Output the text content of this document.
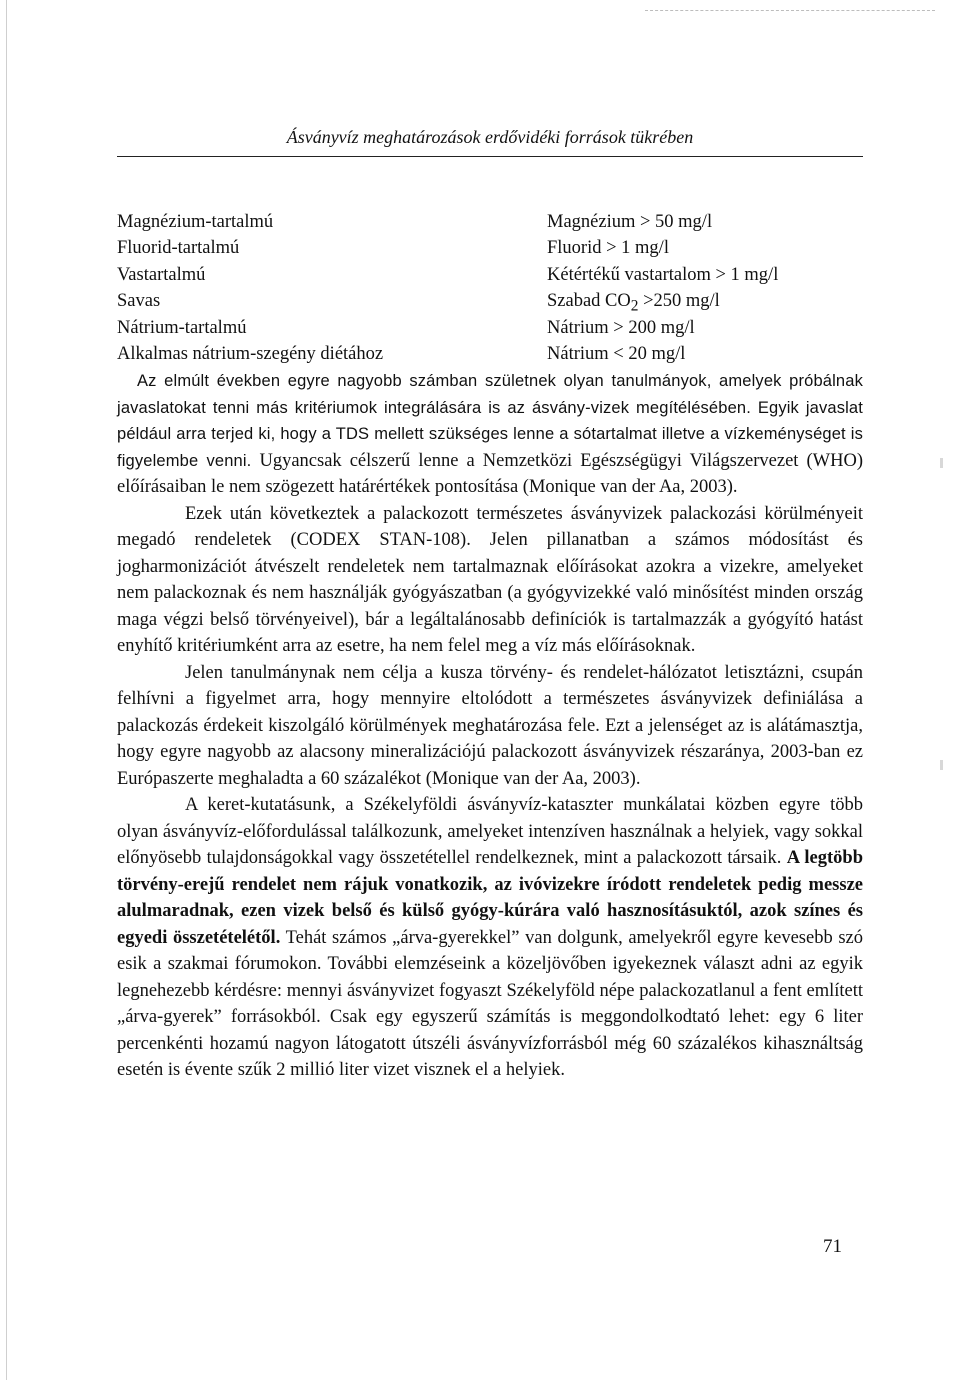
Ásványvíz meghatározások erdővidéki források tükrében
Magnézium-tartalmú	Magnézium > 50 mg/l
Fluorid-tartalmú	Fluorid > 1 mg/l
Vastartalmú	Kétértékű vastartalom > 1 mg/l
Savas	Szabad $CO_2 >250$ mg/l
Nátrium-tartalmú	Nátrium > 200 mg/l
Alkalmas nátrium-szegény diétához	Nátrium < 20 mg/l

Az elmúlt években egyre nagyobb számban születnek olyan tanulmányok, amelyek próbálnak javaslatokat tenni más kritériumok integrálására is az ásvány-vizek megítélésében. Egyik javaslat például arra terjed ki, hogy a TDS mellett szükséges lenne a sótartalmat illetve a vízkeménységet is figyelembe venni. Ugyancsak célszerű lenne a Nemzetközi Egészségügyi Világszervezet (WHO) előírásaiban le nem szögezett határértékek pontosítása (Monique van der Aa, 2003).

Ezek után következtek a palackozott természetes ásványvizek palackozási körülményeit megadó rendeletek (CODEX STAN-108). Jelen pillanatban a számos módosítást és jogharmonizációt átvészelt rendeletek nem tartalmaznak előírásokat azokra a vizekre, amelyeket nem palackoznak és nem használják gyógyászatban (a gyógyvizekké való minősítést minden ország maga végzi belső törvényeivel), bár a legáltalánosabb definíciók is tartalmazzák a gyógyító hatást enyhítő kritériumként arra az esetre, ha nem felel meg a víz más előírásoknak.

Jelen tanulmánynak nem célja a kusza törvény- és rendelet-hálózatot letisztázni, csupán felhívni a figyelmet arra, hogy mennyire eltolódott a természetes ásványvizek definiálása a palackozás érdekeit kiszolgáló körülmények meghatározása fele. Ezt a jelenséget az is alátámasztja, hogy egyre nagyobb az alacsony mineralizációjú palackozott ásványvizek részaránya, 2003-ban ez Európaszerte meghaladta a 60 százalékot (Monique van der Aa, 2003).

A keret-kutatásunk, a Székelyföldi ásványvíz-kataszter munkálatai közben egyre több olyan ásványvíz-előfordulással találkozunk, amelyeket intenzíven használnak a helyiek, vagy sokkal előnyösebb tulajdonságokkal vagy összetétellel rendelkeznek, mint a palackozott társaik. A legtöbb törvény-erejű rendelet nem rájuk vonatkozik, az ivóvizekre íródott rendeletek pedig messze alulmaradnak, ezen vizek belső és külső gyógy-kúrára való hasznosításuktól, azok színes és egyedi összetételétől. Tehát számos „árva-gyerekkel” van dolgunk, amelyekről egyre kevesebb szó esik a szakmai fórumokon. További elemzéseink a közeljövőben igyekeznek választ adni az egyik legnehezebb kérdésre: mennyi ásványvizet fogyaszt Székelyföld népe palackozatlanul a fent említett „árva-gyerek” forrásokból. Csak egy egyszerű számítás is meggondolkodtató lehet: egy 6 liter percenkénti hozamú nagyon látogatott útszéli ásványvízforrásból még 60 százalékos kihasználtság esetén is évente szűk 2 millió liter vizet visznek el a helyiek.

71
